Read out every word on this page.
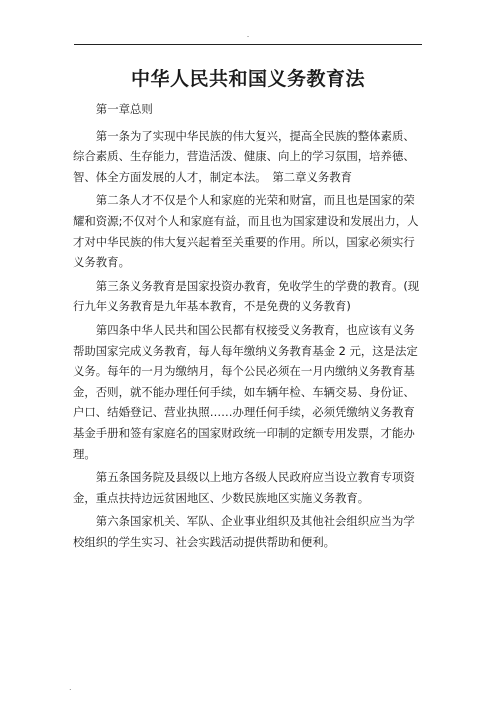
.
中华人民共和国义务教育法

第一章总则

第一条为了实现中华民族的伟大复兴，提高全民族的整体素质、综合素质、生存能力，营造活泼、健康、向上的学习氛围，培养德、智、体全方面发展的人才，制定本法。　第二章义务教育

第二条人才不仅是个人和家庭的光荣和财富，而且也是国家的荣耀和资源;不仅对个人和家庭有益，而且也为国家建设和发展出力，人才对中华民族的伟大复兴起着至关重要的作用。所以，国家必须实行义务教育。

第三条义务教育是国家投资办教育，免收学生的学费的教育。(现行九年义务教育是九年基本教育，不是免费的义务教育)

第四条中华人民共和国公民都有权接受义务教育，也应该有义务帮助国家完成义务教育，每人每年缴纳义务教育基金 2 元，这是法定义务。每年的一月为缴纳月，每个公民必须在一月内缴纳义务教育基金，否则，就不能办理任何手续，如车辆年检、车辆交易、身份证、户口、结婚登记、营业执照……办理任何手续，必须凭缴纳义务教育基金手册和签有家庭名的国家财政统一印制的定额专用发票，才能办理。

第五条国务院及县级以上地方各级人民政府应当设立教育专项资金，重点扶持边远贫困地区、少数民族地区实施义务教育。

第六条国家机关、军队、企业事业组织及其他社会组织应当为学校组织的学生实习、社会实践活动提供帮助和便利。

.
